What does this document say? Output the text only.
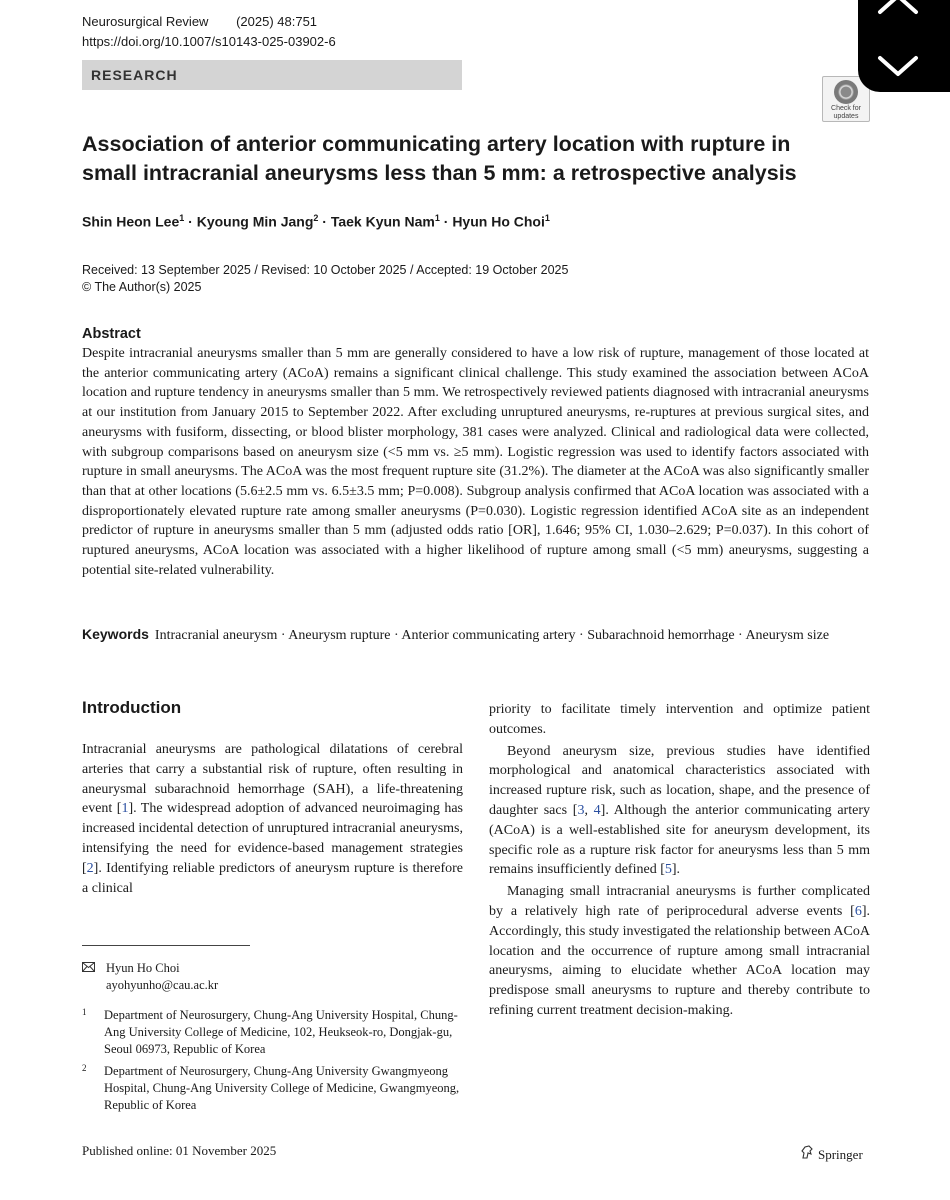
Neurosurgical Review (2025) 48:751
https://doi.org/10.1007/s10143-025-03902-6
RESEARCH
Check for updates
Association of anterior communicating artery location with rupture in small intracranial aneurysms less than 5 mm: a retrospective analysis
Shin Heon Lee$^1$ · Kyoung Min Jang$^2$ · Taek Kyun Nam$^1$ · Hyun Ho Choi$^1$
Received: 13 September 2025 / Revised: 10 October 2025 / Accepted: 19 October 2025
© The Author(s) 2025
Abstract

Despite intracranial aneurysms smaller than 5 mm are generally considered to have a low risk of rupture, management of those located at the anterior communicating artery (ACoA) remains a significant clinical challenge. This study examined the association between ACoA location and rupture tendency in aneurysms smaller than 5 mm. We retrospectively reviewed patients diagnosed with intracranial aneurysms at our institution from January 2015 to September 2022. After excluding unruptured aneurysms, re-ruptures at previous surgical sites, and aneurysms with fusiform, dissecting, or blood blister morphology, 381 cases were analyzed. Clinical and radiological data were collected, with subgroup comparisons based on aneurysm size (<5 mm vs. ≥5 mm). Logistic regression was used to identify factors associated with rupture in small aneurysms. The ACoA was the most frequent rupture site (31.2%). The diameter at the ACoA was also significantly smaller than that at other locations (5.6±2.5 mm vs. 6.5±3.5 mm; P=0.008). Subgroup analysis confirmed that ACoA location was associated with a disproportionately elevated rupture rate among smaller aneurysms (P=0.030). Logistic regression identified ACoA site as an independent predictor of rupture in aneurysms smaller than 5 mm (adjusted odds ratio [OR], 1.646; 95% CI, 1.030–2.629; P=0.037). In this cohort of ruptured aneurysms, ACoA location was associated with a higher likelihood of rupture among small (<5 mm) aneurysms, suggesting a potential site-related vulnerability.

Keywords Intracranial aneurysm · Aneurysm rupture · Anterior communicating artery · Subarachnoid hemorrhage · Aneurysm size
Introduction

Intracranial aneurysms are pathological dilatations of cerebral arteries that carry a substantial risk of rupture, often resulting in aneurysmal subarachnoid hemorrhage (SAH), a life-threatening event [1]. The widespread adoption of advanced neuroimaging has increased incidental detection of unruptured intracranial aneurysms, intensifying the need for evidence-based management strategies [2]. Identifying reliable predictors of aneurysm rupture is therefore a clinical

priority to facilitate timely intervention and optimize patient outcomes.

Beyond aneurysm size, previous studies have identified morphological and anatomical characteristics associated with increased rupture risk, such as location, shape, and the presence of daughter sacs [3, 4]. Although the anterior communicating artery (ACoA) is a well-established site for aneurysm development, its specific role as a rupture risk factor for aneurysms less than 5 mm remains insufficiently defined [5].

Managing small intracranial aneurysms is further complicated by a relatively high rate of periprocedural adverse events [6]. Accordingly, this study investigated the relationship between ACoA location and the occurrence of rupture among small intracranial aneurysms, aiming to elucidate whether ACoA location may predispose small aneurysms to rupture and thereby contribute to refining current treatment decision-making.

Hyun Ho Choi
ayohyunho@cau.ac.kr
1	Department of Neurosurgery, Chung-Ang University Hospital, Chung-Ang University College of Medicine, 102, Heukseok-ro, Dongjak-gu, Seoul 06973, Republic of Korea
2	Department of Neurosurgery, Chung-Ang University Gwangmyeong Hospital, Chung-Ang University College of Medicine, Gwangmyeong, Republic of Korea
Published online: 01 November 2025	Springer
